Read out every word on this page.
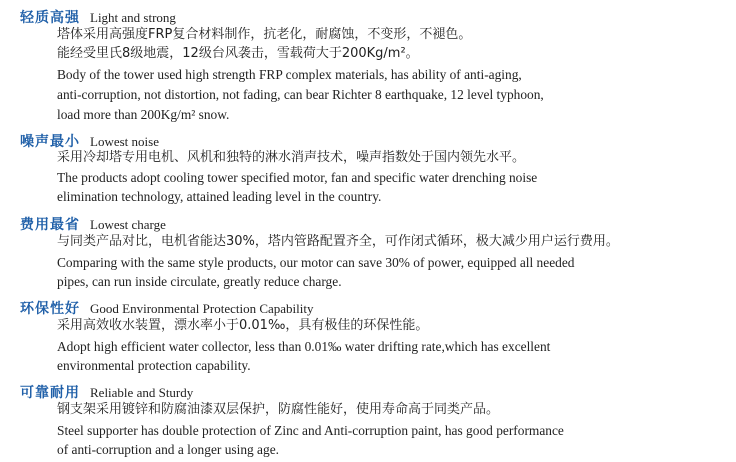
轻质高强 Light and strong
塔体采用高强度FRP复合材料制作，抗老化，耐腐蚀，不变形，不褪色。
能经受里氏8级地震，12级台风袭击，雪载荷大于200Kg/m²。
Body of the tower used high strength FRP complex materials, has ability of anti-aging,
anti-corruption, not distortion, not fading, can bear Richter 8 earthquake, 12 level typhoon,
load more than 200Kg/m² snow.
噪声最小 Lowest noise
采用冷却塔专用电机、风机和独特的淋水消声技术，噪声指数处于国内领先水平。
The products adopt cooling tower specified motor, fan and specific water drenching noise
elimination technology, attained leading level in the country.
费用最省 Lowest charge
与同类产品对比，电机省能达30%，塔内管路配置齐全，可作闭式循环，极大减少用户运行费用。
Comparing with the same style products, our motor can save 30% of power, equipped all needed
pipes, can run inside circulate, greatly reduce charge.
环保性好 Good Environmental Protection Capability
采用高效收水装置，漂水率小于0.01‰，具有极佳的环保性能。
Adopt high efficient water collector, less than 0.01‰ water drifting rate,which has excellent
environmental protection capability.
可靠耐用 Reliable and Sturdy
钢支架采用镀锌和防腐油漆双层保护，防腐性能好，使用寿命高于同类产品。
Steel supporter has double protection of Zinc and Anti-corruption paint, has good performance
of anti-corruption and a longer using age.
